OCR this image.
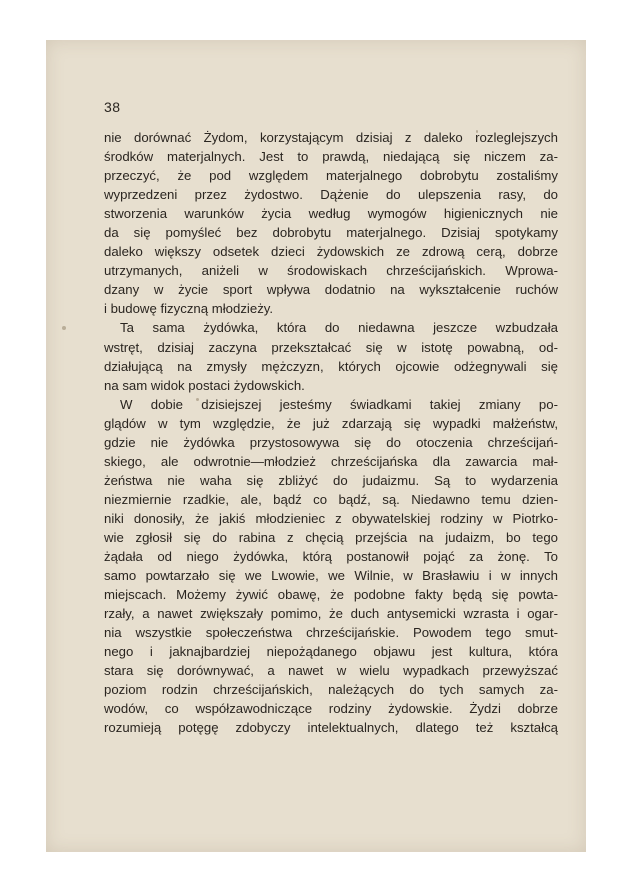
38
nie dorównać Żydom, korzystającym dzisiaj z daleko rozleglejszych
środków materjalnych. Jest to prawdą, niedającą się niczem za-
przeczyć, że pod względem materjalnego dobrobytu zostaliśmy
wyprzedzeni przez żydostwo. Dążenie do ulepszenia rasy, do
stworzenia warunków życia według wymogów higienicznych nie
da się pomyśleć bez dobrobytu materjalnego. Dzisiaj spotykamy
daleko większy odsetek dzieci żydowskich ze zdrową cerą, dobrze
utrzymanych, aniżeli w środowiskach chrześcijańskich. Wprowa-
dzany w życie sport wpływa dodatnio na wykształcenie ruchów
i budowę fizyczną młodzieży.
Ta sama żydówka, która do niedawna jeszcze wzbudzała
wstręt, dzisiaj zaczyna przekształcać się w istotę powabną, od-
działującą na zmysły mężczyzn, których ojcowie odżegnywali się
na sam widok postaci żydowskich.
W dobie dzisiejszej jesteśmy świadkami takiej zmiany po-
glądów w tym względzie, że już zdarzają się wypadki małżeństw,
gdzie nie żydówka przystosowywa się do otoczenia chrześcijań-
skiego, ale odwrotnie—młodzież chrześcijańska dla zawarcia mał-
żeństwa nie waha się zbliżyć do judaizmu. Są to wydarzenia
niezmiernie rzadkie, ale, bądź co bądź, są. Niedawno temu dzien-
niki donosiły, że jakiś młodzieniec z obywatelskiej rodziny w Piotrko-
wie zgłosił się do rabina z chęcią przejścia na judaizm, bo tego
żądała od niego żydówka, którą postanowił pojąć za żonę. To
samo powtarzało się we Lwowie, we Wilnie, w Brasławiu i w innych
miejscach. Możemy żywić obawę, że podobne fakty będą się powta-
rzały, a nawet zwiększały pomimo, że duch antysemicki wzrasta i ogar-
nia wszystkie społeczeństwa chrześcijańskie. Powodem tego smut-
nego i jaknajbardziej niepożądanego objawu jest kultura, która
stara się dorównywać, a nawet w wielu wypadkach przewyższać
poziom rodzin chrześcijańskich, należących do tych samych za-
wodów, co współzawodniczące rodziny żydowskie. Żydzi dobrze
rozumieją potęgę zdobyczy intelektualnych, dlatego też kształcą
